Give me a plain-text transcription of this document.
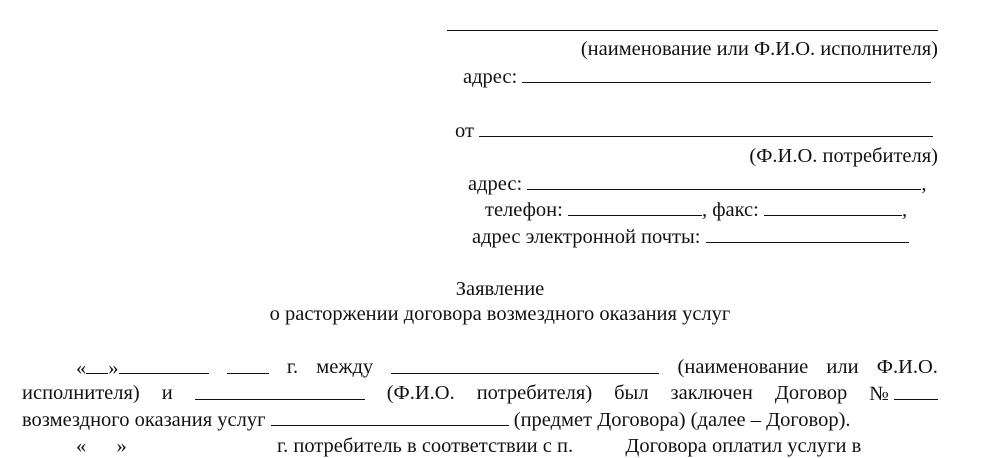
(наименование или Ф.И.О. исполнителя)
адрес:
от
(Ф.И.О. потребителя)
адрес:	,
телефон:	, факс:	,
адрес электронной почты:
Заявление
о расторжении договора возмездного оказания услуг
« »	г. между	(наименование или Ф.И.О.
исполнителя) и	(Ф.И.О. потребителя) был заключен Договор №
возмездного оказания услуг	(предмет Договора) (далее – Договор).
« »	г. потребитель в соответствии с п.	Договора оплатил услуги в
